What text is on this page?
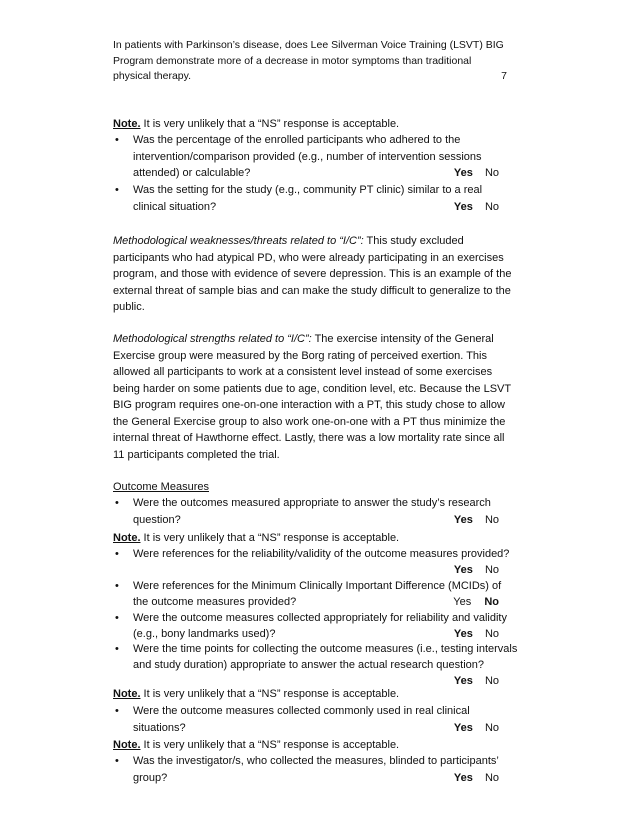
In patients with Parkinson’s disease, does Lee Silverman Voice Training (LSVT) BIG Program demonstrate more of a decrease in motor symptoms than traditional physical therapy.	7
Note. It is very unlikely that a “NS” response is acceptable.
• Was the percentage of the enrolled participants who adhered to the intervention/comparison provided (e.g., number of intervention sessions attended) or calculable?	Yes No
• Was the setting for the study (e.g., community PT clinic) similar to a real clinical situation?	Yes No
Methodological weaknesses/threats related to “I/C”: This study excluded participants who had atypical PD, who were already participating in an exercises program, and those with evidence of severe depression. This is an example of the external threat of sample bias and can make the study difficult to generalize to the public.
Methodological strengths related to “I/C”: The exercise intensity of the General Exercise group were measured by the Borg rating of perceived exertion. This allowed all participants to work at a consistent level instead of some exercises being harder on some patients due to age, condition level, etc. Because the LSVT BIG program requires one-on-one interaction with a PT, this study chose to allow the General Exercise group to also work one-on-one with a PT thus minimize the internal threat of Hawthorne effect. Lastly, there was a low mortality rate since all 11 participants completed the trial.
Outcome Measures
• Were the outcomes measured appropriate to answer the study’s research question?	Yes No
Note. It is very unlikely that a “NS” response is acceptable.
• Were references for the reliability/validity of the outcome measures provided?
Yes No
• Were references for the Minimum Clinically Important Difference (MCIDs) of the outcome measures provided?	Yes No
• Were the outcome measures collected appropriately for reliability and validity (e.g., bony landmarks used)?	Yes No
• Were the time points for collecting the outcome measures (i.e., testing intervals and study duration) appropriate to answer the actual research question?
Yes No
Note. It is very unlikely that a “NS” response is acceptable.
• Were the outcome measures collected commonly used in real clinical situations?	Yes No
Note. It is very unlikely that a “NS” response is acceptable.
• Was the investigator/s, who collected the measures, blinded to participants’ group?	Yes No
